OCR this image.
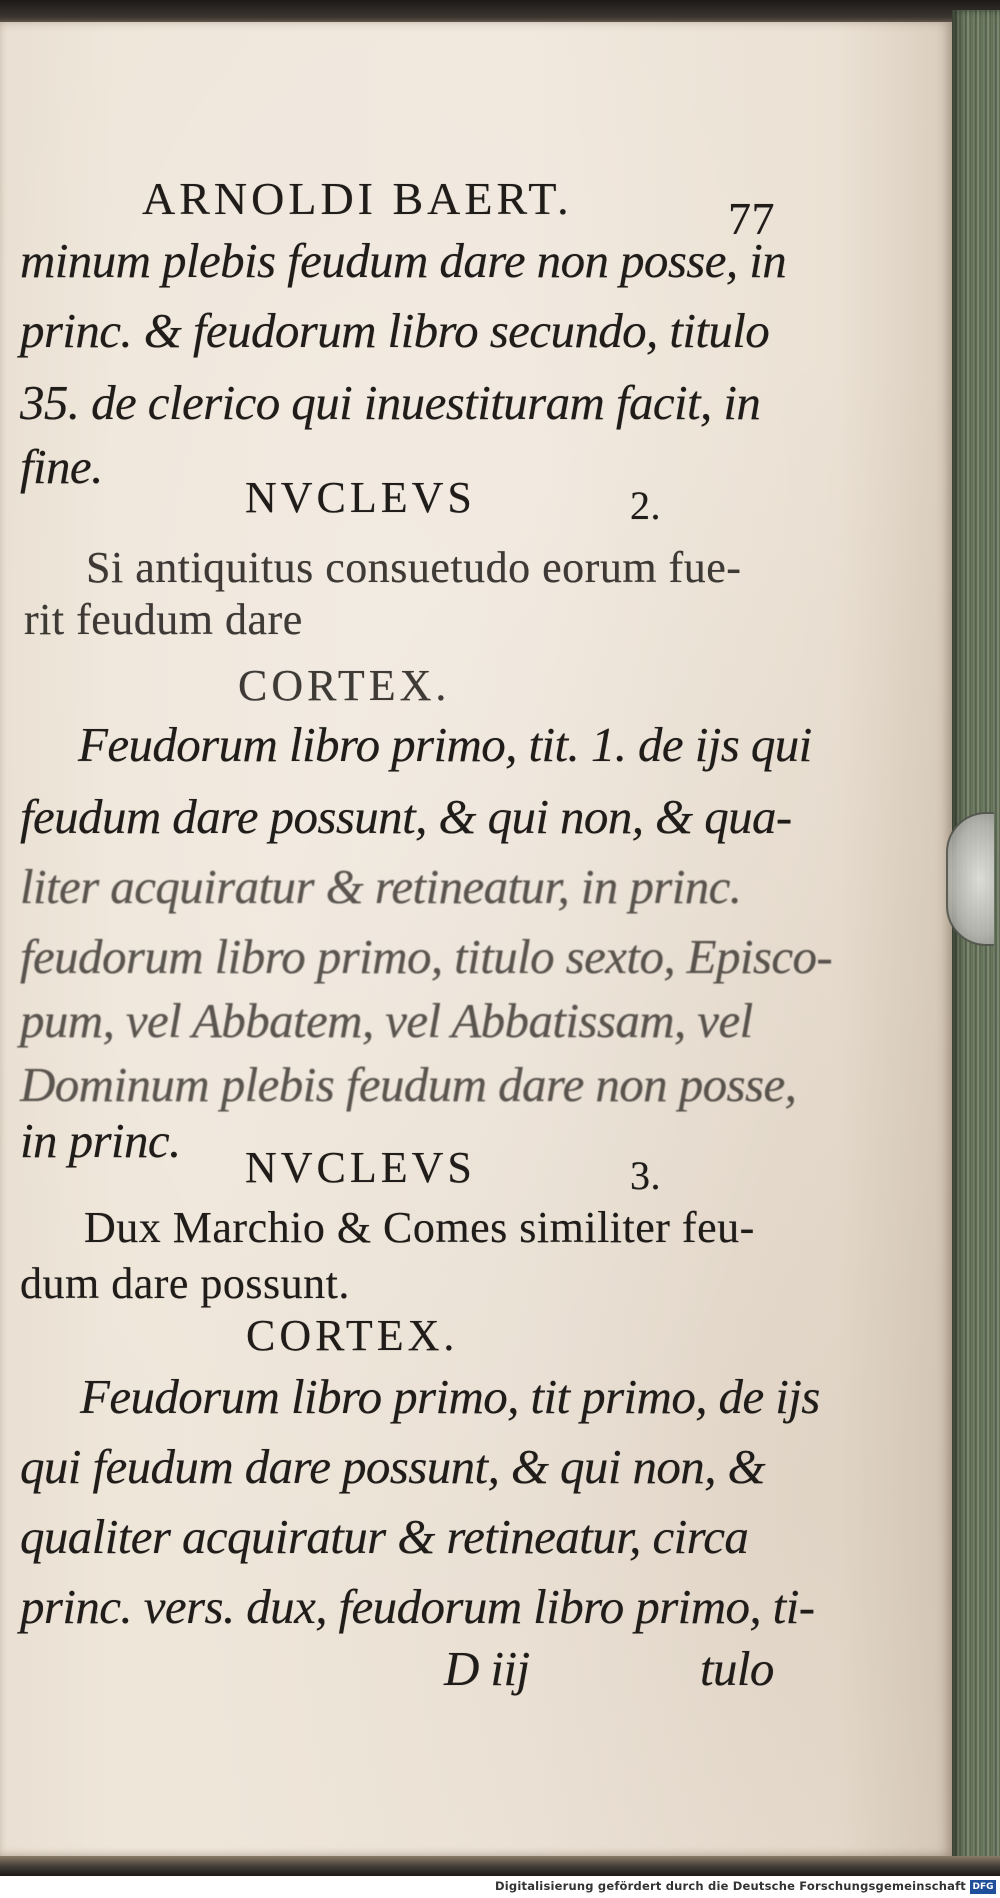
ARNOLDI BAERT.	77
minum plebis feudum dare non posse, in
princ. & feudorum libro secundo, titulo
35. de clerico qui inuestituram facit, in
fine.
NVCLEVS	2.
Si antiquitus consuetudo eorum fue-
rit feudum dare
CORTEX.
Feudorum libro primo, tit. 1. de ijs qui
feudum dare possunt, & qui non, & qua-
liter acquiratur & retineatur, in princ.
feudorum libro primo, titulo sexto, Episco-
pum, vel Abbatem, vel Abbatissam, vel
Dominum plebis feudum dare non posse,
in princ. NVCLEVS	3.
Dux Marchio & Comes similiter feu-
dum dare possunt.
CORTEX.
Feudorum libro primo, tit primo, de ijs
qui feudum dare possunt, & qui non, &
qualiter acquiratur & retineatur, circa
princ. vers. dux, feudorum libro primo, ti-
D iij	tulo
Digitalisierung gefördert durch die Deutsche Forschungsgemeinschaft DFG
